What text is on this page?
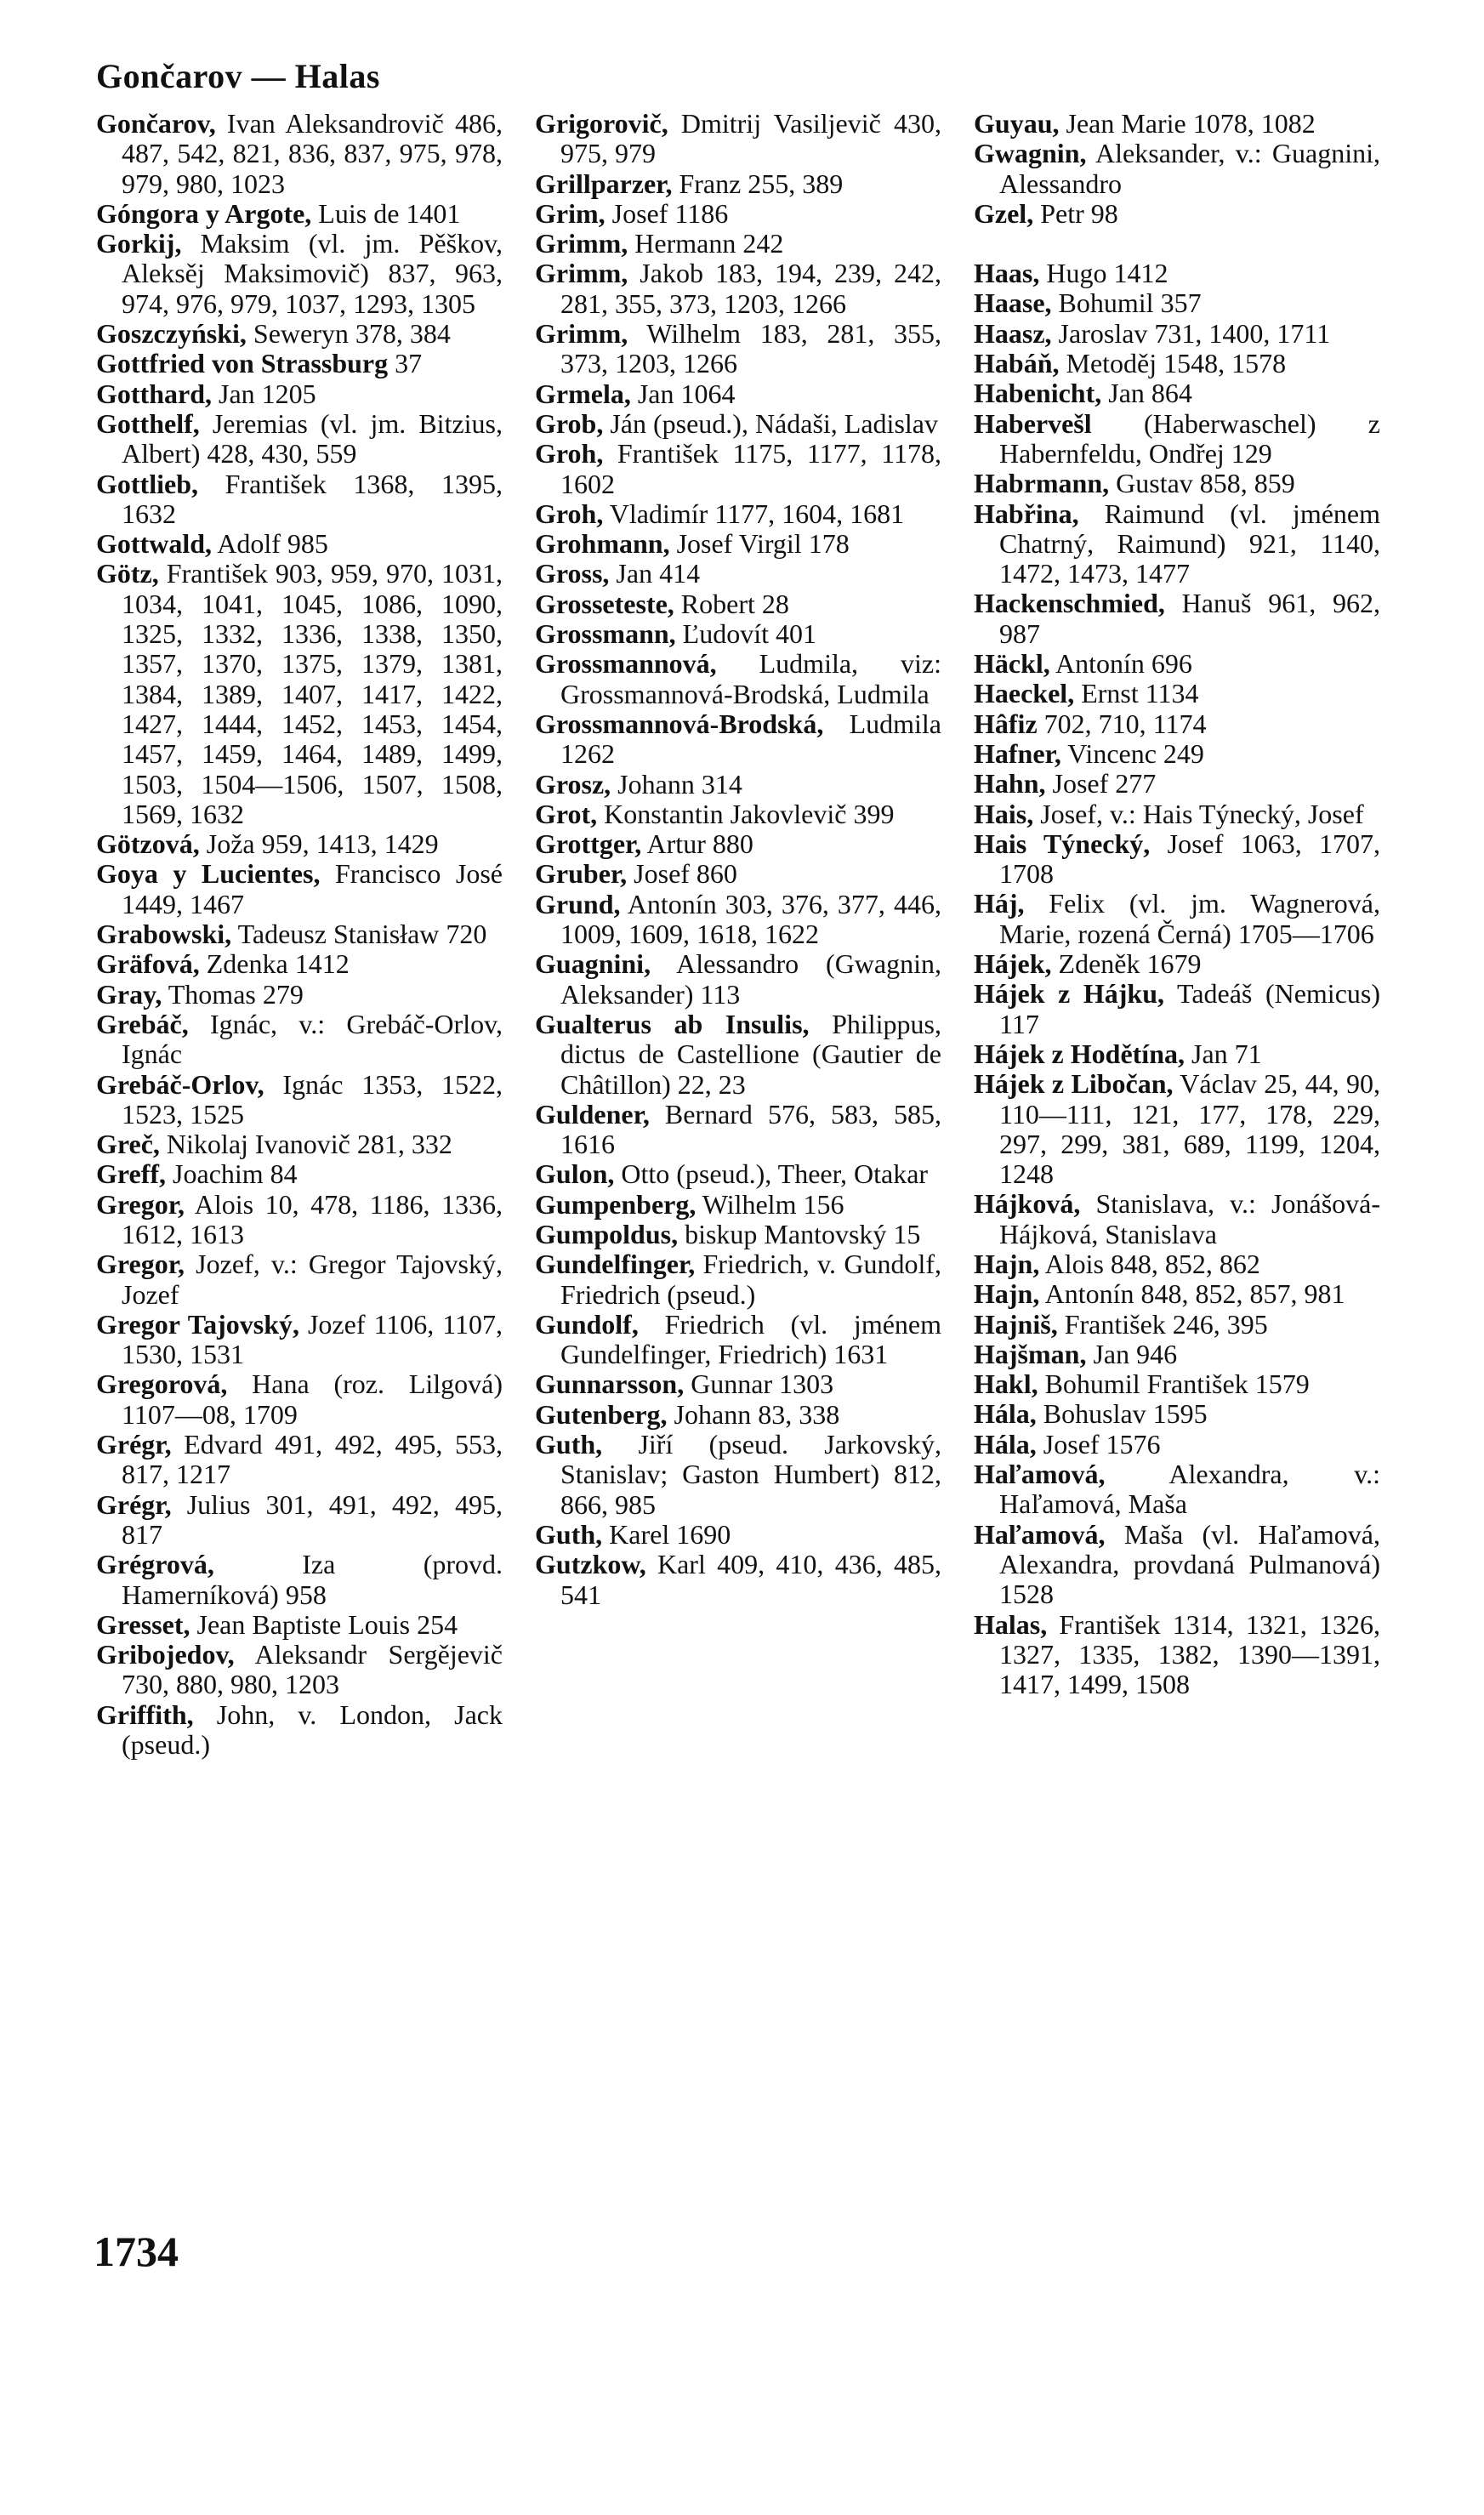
Gončarov — Halas
Gončarov, Ivan Aleksandrovič 486, 487, 542, 821, 836, 837, 975, 978, 979, 980, 1023
Góngora y Argote, Luis de 1401
Gorkij, Maksim (vl. jm. Pěškov, Aleksěj Maksimovič) 837, 963, 974, 976, 979, 1037, 1293, 1305
Goszczyński, Seweryn 378, 384
Gottfried von Strassburg 37
Gotthard, Jan 1205
Gotthelf, Jeremias (vl. jm. Bitzius, Albert) 428, 430, 559
Gottlieb, František 1368, 1395, 1632
Gottwald, Adolf 985
Götz, František 903, 959, 970, 1031, 1034, 1041, 1045, 1086, 1090, 1325, 1332, 1336, 1338, 1350, 1357, 1370, 1375, 1379, 1381, 1384, 1389, 1407, 1417, 1422, 1427, 1444, 1452, 1453, 1454, 1457, 1459, 1464, 1489, 1499, 1503, 1504—1506, 1507, 1508, 1569, 1632
Götzová, Joža 959, 1413, 1429
Goya y Lucientes, Francisco José 1449, 1467
Grabowski, Tadeusz Stanisław 720
Gräfová, Zdenka 1412
Gray, Thomas 279
Grebáč, Ignác, v.: Grebáč-Orlov, Ignác
Grebáč-Orlov, Ignác 1353, 1522, 1523, 1525
Greč, Nikolaj Ivanovič 281, 332
Greff, Joachim 84
Gregor, Alois 10, 478, 1186, 1336, 1612, 1613
Gregor, Jozef, v.: Gregor Tajovský, Jozef
Gregor Tajovský, Jozef 1106, 1107, 1530, 1531
Gregorová, Hana (roz. Lilgová) 1107—08, 1709
Grégr, Edvard 491, 492, 495, 553, 817, 1217
Grégr, Julius 301, 491, 492, 495, 817
Grégrová, Iza (provd. Hamerníková) 958
Gresset, Jean Baptiste Louis 254
Gribojedov, Aleksandr Sergějevič 730, 880, 980, 1203
Griffith, John, v. London, Jack (pseud.)
Grigorovič, Dmitrij Vasiljevič 430, 975, 979
Grillparzer, Franz 255, 389
Grim, Josef 1186
Grimm, Hermann 242
Grimm, Jakob 183, 194, 239, 242, 281, 355, 373, 1203, 1266
Grimm, Wilhelm 183, 281, 355, 373, 1203, 1266
Grmela, Jan 1064
Grob, Ján (pseud.), Nádaši, Ladislav
Groh, František 1175, 1177, 1178, 1602
Groh, Vladimír 1177, 1604, 1681
Grohmann, Josef Virgil 178
Gross, Jan 414
Grosseteste, Robert 28
Grossmann, Ľudovít 401
Grossmannová, Ludmila, viz: Grossmannová-Brodská, Ludmila
Grossmannová-Brodská, Ludmila 1262
Grosz, Johann 314
Grot, Konstantin Jakovlevič 399
Grottger, Artur 880
Gruber, Josef 860
Grund, Antonín 303, 376, 377, 446, 1009, 1609, 1618, 1622
Guagnini, Alessandro (Gwagnin, Aleksander) 113
Gualterus ab Insulis, Philippus, dictus de Castellione (Gautier de Châtillon) 22, 23
Guldener, Bernard 576, 583, 585, 1616
Gulon, Otto (pseud.), Theer, Otakar
Gumpenberg, Wilhelm 156
Gumpoldus, biskup Mantovský 15
Gundelfinger, Friedrich, v. Gundolf, Friedrich (pseud.)
Gundolf, Friedrich (vl. jménem Gundelfinger, Friedrich) 1631
Gunnarsson, Gunnar 1303
Gutenberg, Johann 83, 338
Guth, Jiří (pseud. Jarkovský, Stanislav; Gaston Humbert) 812, 866, 985
Guth, Karel 1690
Gutzkow, Karl 409, 410, 436, 485, 541
Guyau, Jean Marie 1078, 1082
Gwagnin, Aleksander, v.: Guagnini, Alessandro
Gzel, Petr 98
Haas, Hugo 1412
Haase, Bohumil 357
Haasz, Jaroslav 731, 1400, 1711
Habáň, Metoděj 1548, 1578
Habenicht, Jan 864
Habervešl (Haberwaschel) z Habernfeldu, Ondřej 129
Habrmann, Gustav 858, 859
Habřina, Raimund (vl. jménem Chatrný, Raimund) 921, 1140, 1472, 1473, 1477
Hackenschmied, Hanuš 961, 962, 987
Häckl, Antonín 696
Haeckel, Ernst 1134
Hâfiz 702, 710, 1174
Hafner, Vincenc 249
Hahn, Josef 277
Hais, Josef, v.: Hais Týnecký, Josef
Hais Týnecký, Josef 1063, 1707, 1708
Háj, Felix (vl. jm. Wagnerová, Marie, rozená Černá) 1705—1706
Hájek, Zdeněk 1679
Hájek z Hájku, Tadeáš (Nemicus) 117
Hájek z Hodětína, Jan 71
Hájek z Libočan, Václav 25, 44, 90, 110—111, 121, 177, 178, 229, 297, 299, 381, 689, 1199, 1204, 1248
Hájková, Stanislava, v.: Jonášová-Hájková, Stanislava
Hajn, Alois 848, 852, 862
Hajn, Antonín 848, 852, 857, 981
Hajniš, František 246, 395
Hajšman, Jan 946
Hakl, Bohumil František 1579
Hála, Bohuslav 1595
Hála, Josef 1576
Haľamová, Alexandra, v.: Haľamová, Maša
Haľamová, Maša (vl. Haľamová, Alexandra, provdaná Pulmanová) 1528
Halas, František 1314, 1321, 1326, 1327, 1335, 1382, 1390—1391, 1417, 1499, 1508
1734
